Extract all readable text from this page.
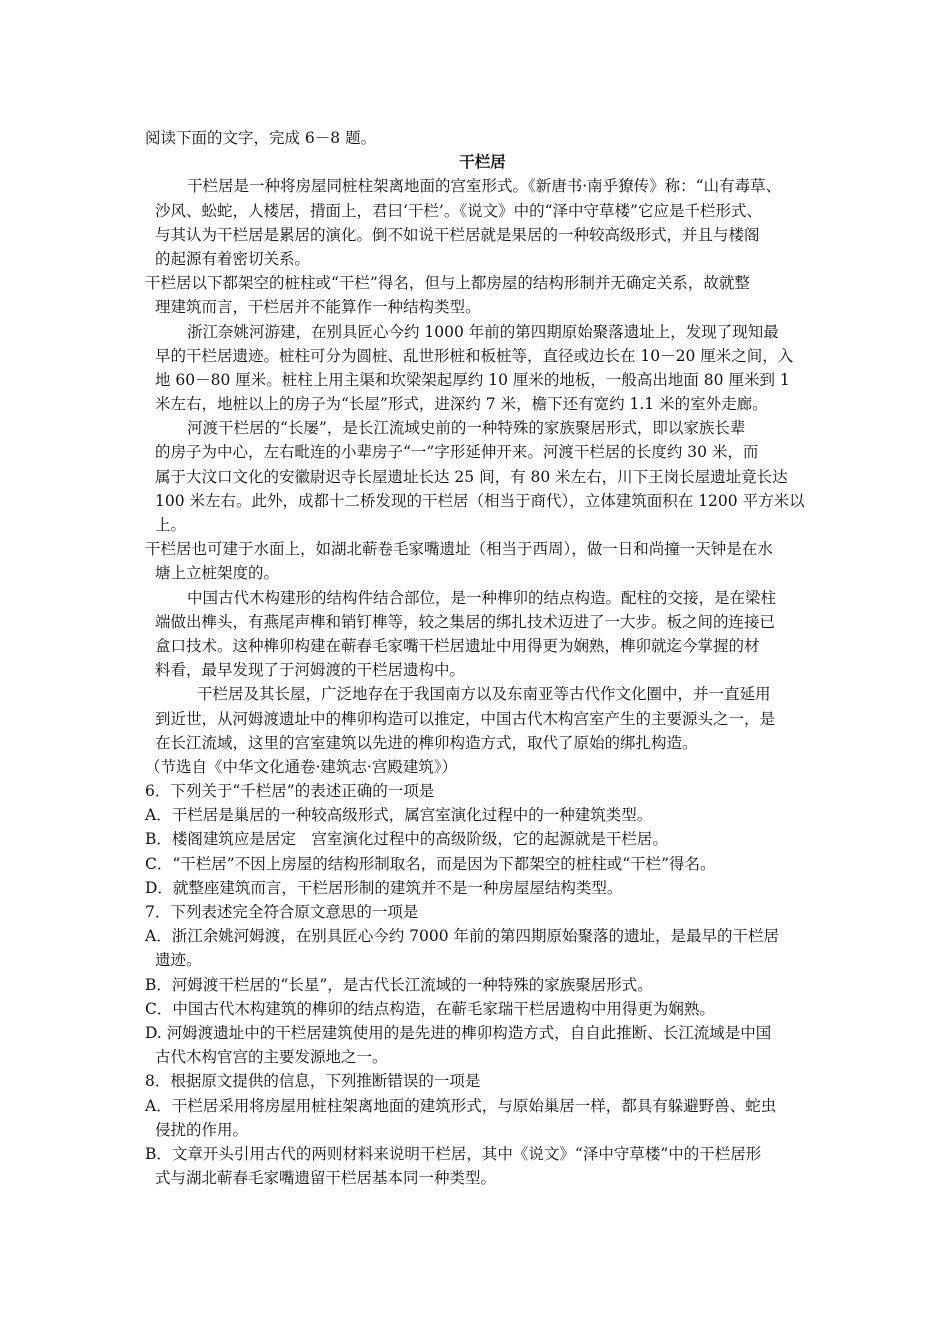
阅读下面的文字，完成 6－8 题。
干栏居
干栏居是一种将房屋同桩柱架离地面的宫室形式。《新唐书·南乎獠传》称：“山有毒草、
沙风、蚣蛇，人楼居，揹面上，君曰‘干栏’。《说文》中的“泽中守草楼”它应是千栏形式、
与其认为干栏居是累居的演化。倒不如说干栏居就是果居的一种较高级形式，并且与楼阁
的起源有着密切关系。
干栏居以下都架空的桩柱或“干栏”得名，但与上都房屋的结构形制并无确定关系，故就整
理建筑而言，干栏居并不能算作一种结构类型。
浙江奈姚河游建，在别具匠心今约 1000 年前的第四期原始聚落遗址上，发现了现知最
早的干栏居遗迹。桩柱可分为圆桩、乱世形桩和板桩等，直径或边长在 10－20 厘米之间，入
地 60－80 厘米。桩柱上用主渠和坎梁架起厚约 10 厘米的地板，一般高出地面 80 厘米到 1
米左右，地桩以上的房子为“长屋”形式，进深约 7 米，檐下还有宽约 1.1 米的室外走廊。
河渡干栏居的“长屡”，是长江流域史前的一种特殊的家族聚居形式，即以家族长辈
的房子为中心，左右毗连的小辈房子“一”字形延伸开来。河渡干栏居的长度约 30 米，而
属于大汶口文化的安徽尉迟寺长屋遗址长达 25 间，有 80 米左右，川下王岗长屋遗址竟长达
100 米左右。此外，成都十二桥发现的干栏居（相当于商代），立体建筑面积在 1200 平方米以
上。
干栏居也可建于水面上，如湖北蕲卷毛家嘴遗址（相当于西周），做一日和尚撞一天钟是在水
塘上立桩架度的。
中国古代木构建形的结构件结合部位，是一种榫卯的结点构造。配柱的交接，是在梁柱
端做出榫头，有燕尾声榫和销钉榫等，较之集居的绑扎技术迈进了一大步。板之间的连接已
盒口技术。这种榫卯构建在蕲春毛家嘴干栏居遗址中用得更为娴熟，榫卯就迄今掌握的材
料看，最早发现了于河姆渡的干栏居遗构中。
干栏居及其长屋，广泛地存在于我国南方以及东南亚等古代作文化圈中，并一直延用
到近世，从河姆渡遗址中的榫卯构造可以推定，中国古代木构宫室产生的主要源头之一，是
在长江流域，这里的宫室建筑以先进的榫卯构造方式，取代了原始的绑扎构造。
（节选自《中华文化通卷·建筑志·宫殿建筑》）
6．下列关于“千栏居”的表述正确的一项是
A．干栏居是巢居的一种较高级形式，属宫室演化过程中的一种建筑类型。
B．楼阁建筑应是居定　宫室演化过程中的高级阶级，它的起源就是干栏居。
C．“干栏居”不因上房屋的结构形制取名，而是因为下都架空的桩柱或“干栏”得名。
D．就整座建筑而言，干栏居形制的建筑并不是一种房屋屋结构类型。
7．下列表述完全符合原文意思的一项是
A．浙江余姚河姆渡，在别具匠心今约 7000 年前的第四期原始聚落的遗址，是最早的干栏居
遗迹。
B．河姆渡干栏居的“长星”，是古代长江流域的一种特殊的家族聚居形式。
C．中国古代木构建筑的榫卯的结点构造，在蕲毛家瑞干栏居遗构中用得更为娴熟。
D. 河姆渡遗址中的干栏居建筑使用的是先进的榫卯构造方式，自自此推断、长江流域是中国
古代木构官宫的主要发源地之一。
8．根据原文提供的信息，下列推断错误的一项是
A．干栏居采用将房屋用桩柱架离地面的建筑形式，与原始巢居一样，都具有躲避野兽、蛇虫
侵扰的作用。
B．文章开头引用古代的两则材料来说明干栏居，其中《说文》“泽中守草楼”中的干栏居形
式与湖北蕲春毛家嘴遗留干栏居基本同一种类型。
